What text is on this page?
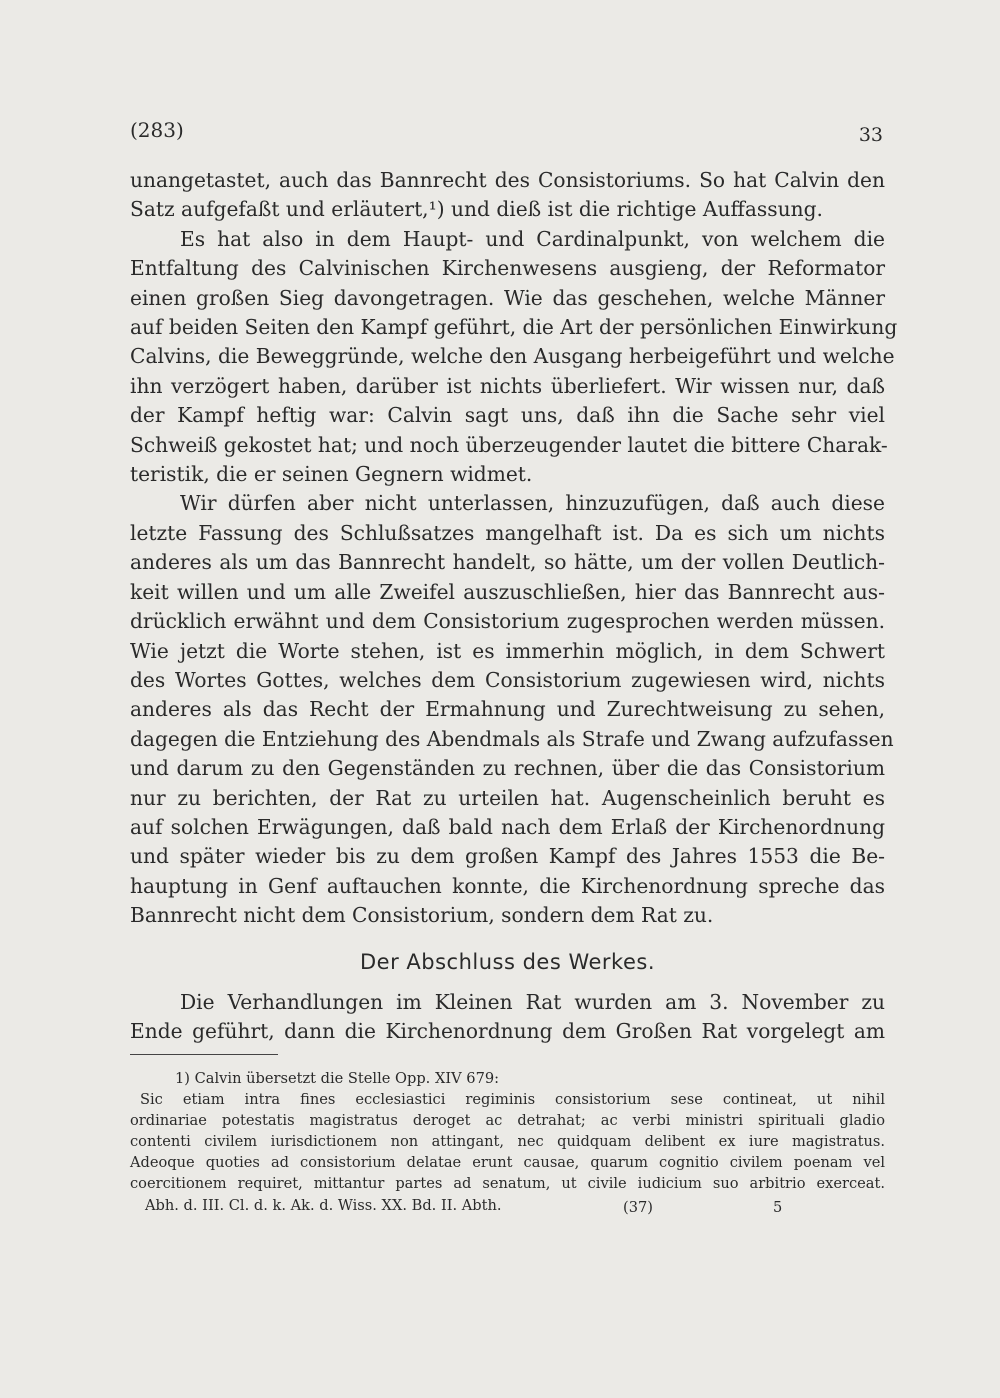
(283)	33
unangetastet, auch das Bannrecht des Consistoriums. So hat Calvin den
Satz aufgefaßt und erläutert,¹) und dieß ist die richtige Auffassung.
Es hat also in dem Haupt- und Cardinalpunkt, von welchem die
Entfaltung des Calvinischen Kirchenwesens ausgieng, der Reformator
einen großen Sieg davongetragen. Wie das geschehen, welche Männer
auf beiden Seiten den Kampf geführt, die Art der persönlichen Einwirkung
Calvins, die Beweggründe, welche den Ausgang herbeigeführt und welche
ihn verzögert haben, darüber ist nichts überliefert. Wir wissen nur, daß
der Kampf heftig war: Calvin sagt uns, daß ihn die Sache sehr viel
Schweiß gekostet hat; und noch überzeugender lautet die bittere Charak-
teristik, die er seinen Gegnern widmet.
Wir dürfen aber nicht unterlassen, hinzuzufügen, daß auch diese
letzte Fassung des Schlußsatzes mangelhaft ist. Da es sich um nichts
anderes als um das Bannrecht handelt, so hätte, um der vollen Deutlich-
keit willen und um alle Zweifel auszuschließen, hier das Bannrecht aus-
drücklich erwähnt und dem Consistorium zugesprochen werden müssen.
Wie jetzt die Worte stehen, ist es immerhin möglich, in dem Schwert
des Wortes Gottes, welches dem Consistorium zugewiesen wird, nichts
anderes als das Recht der Ermahnung und Zurechtweisung zu sehen,
dagegen die Entziehung des Abendmals als Strafe und Zwang aufzufassen
und darum zu den Gegenständen zu rechnen, über die das Consistorium
nur zu berichten, der Rat zu urteilen hat. Augenscheinlich beruht es
auf solchen Erwägungen, daß bald nach dem Erlaß der Kirchenordnung
und später wieder bis zu dem großen Kampf des Jahres 1553 die Be-
hauptung in Genf auftauchen konnte, die Kirchenordnung spreche das
Bannrecht nicht dem Consistorium, sondern dem Rat zu.
Der Abschluss des Werkes.
Die Verhandlungen im Kleinen Rat wurden am 3. November zu
Ende geführt, dann die Kirchenordnung dem Großen Rat vorgelegt am
1) Calvin übersetzt die Stelle Opp. XIV 679:
Sic etiam intra fines ecclesiastici regiminis consistorium sese contineat, ut nihil
ordinariae potestatis magistratus deroget ac detrahat; ac verbi ministri spirituali gladio
contenti civilem iurisdictionem non attingant, nec quidquam delibent ex iure magistratus.
Adeoque quoties ad consistorium delatae erunt causae, quarum cognitio civilem poenam vel
coercitionem requiret, mittantur partes ad senatum, ut civile iudicium suo arbitrio exerceat.
Abh. d. III. Cl. d. k. Ak. d. Wiss. XX. Bd. II. Abth.	(37)	5
